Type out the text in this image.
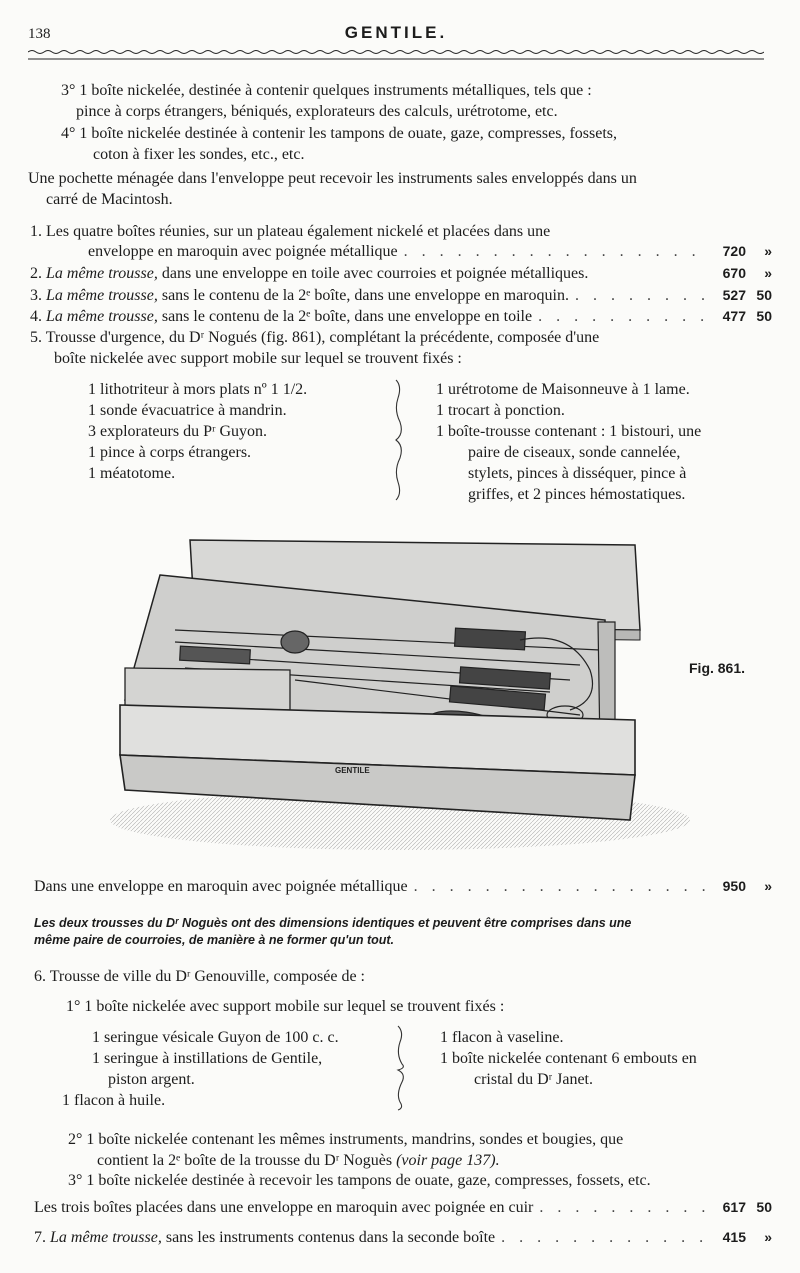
138	GENTILE.
3° 1 boîte nickelée, destinée à contenir quelques instruments métalliques, tels que :
pince à corps étrangers, béniqués, explorateurs des calculs, urétrotome, etc.
4° 1 boîte nickelée destinée à contenir les tampons de ouate, gaze, compresses, fossets,
coton à fixer les sondes, etc., etc.
Une pochette ménagée dans l'enveloppe peut recevoir les instruments sales enveloppés dans un
carré de Macintosh.
1. Les quatre boîtes réunies, sur un plateau également nickelé et placées dans une
enveloppe en maroquin avec poignée métallique . . .	720 »
2. La même trousse, dans une enveloppe en toile avec courroies et poignée métalliques.	670 »
3. La même trousse, sans le contenu de la 2ᵉ boîte, dans une enveloppe en maroquin. . . .	527 50
4. La même trousse, sans le contenu de la 2ᵉ boîte, dans une enveloppe en toile . . .	477 50
5. Trousse d'urgence, du Dʳ Nogués (fig. 861), complétant la précédente, composée d'une
boîte nickelée avec support mobile sur lequel se trouvent fixés :
1 lithotriteur à mors plats nº 1 1/2.
1 sonde évacuatrice à mandrin.
3 explorateurs du Pʳ Guyon.
1 pince à corps étrangers.
1 méatotome.
1 urétrotome de Maisonneuve à 1 lame.
1 trocart à ponction.
1 boîte-trousse contenant : 1 bistouri, une
paire de ciseaux, sonde cannelée,
stylets, pinces à disséquer, pince à
griffes, et 2 pinces hémostatiques.
GENTILE
Fig. 861.
Dans une enveloppe en maroquin avec poignée métallique . . .	950 »
Les deux trousses du Dʳ Noguès ont des dimensions identiques et peuvent être comprises dans une
même paire de courroies, de manière à ne former qu'un tout.
6. Trousse de ville du Dʳ Genouville, composée de :
1° 1 boîte nickelée avec support mobile sur lequel se trouvent fixés :
1 seringue vésicale Guyon de 100 c. c.
1 seringue à instillations de Gentile,
piston argent.
1 flacon à huile.
1 flacon à vaseline.
1 boîte nickelée contenant 6 embouts en
cristal du Dʳ Janet.
2° 1 boîte nickelée contenant les mêmes instruments, mandrins, sondes et bougies, que
contient la 2ᵉ boîte de la trousse du Dʳ Noguès (voir page 137).
3° 1 boîte nickelée destinée à recevoir les tampons de ouate, gaze, compresses, fossets, etc.
Les trois boîtes placées dans une enveloppe en maroquin avec poignée en cuir . . .	617 50
7. La même trousse, sans les instruments contenus dans la seconde boîte . . .	415 »
